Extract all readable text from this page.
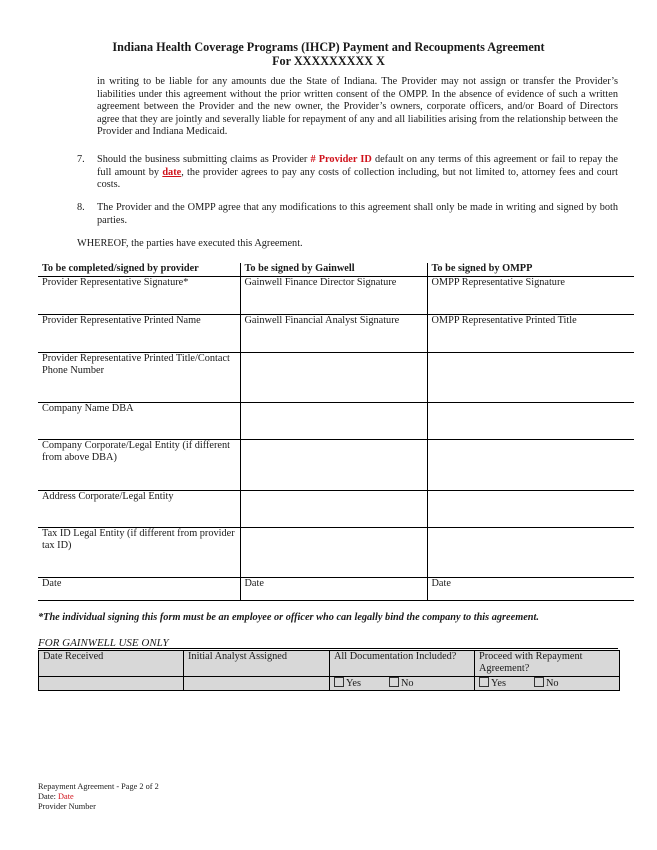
Indiana Health Coverage Programs (IHCP) Payment and Recoupments Agreement
For XXXXXXXXX X
in writing to be liable for any amounts due the State of Indiana. The Provider may not assign or transfer the Provider’s liabilities under this agreement without the prior written consent of the OMPP. In the absence of evidence of such a written agreement between the Provider and the new owner, the Provider’s owners, corporate officers, and/or Board of Directors agree that they are jointly and severally liable for repayment of any and all liabilities arising from the relationship between the Provider and Indiana Medicaid.
7. Should the business submitting claims as Provider # Provider ID default on any terms of this agreement or fail to repay the full amount by date, the provider agrees to pay any costs of collection including, but not limited to, attorney fees and court costs.
8. The Provider and the OMPP agree that any modifications to this agreement shall only be made in writing and signed by both parties.
WHEREOF, the parties have executed this Agreement.
To be completed/signed by provider	To be signed by Gainwell	To be signed by OMPP
Provider Representative Signature*	Gainwell Finance Director Signature	OMPP Representative Signature
Provider Representative Printed Name	Gainwell Financial Analyst Signature	OMPP Representative Printed Title
Provider Representative Printed Title/Contact Phone Number		
Company Name DBA		
Company Corporate/Legal Entity (if different from above DBA)		
Address Corporate/Legal Entity		
Tax ID Legal Entity (if different from provider tax ID)		
Date	Date	Date
*The individual signing this form must be an employee or officer who can legally bind the company to this agreement.
FOR GAINWELL USE ONLY
Date Received	Initial Analyst Assigned	All Documentation Included?	Proceed with Repayment Agreement?
		Yes No	Yes No
Repayment Agreement - Page 2 of 2
Date: Date
Provider Number
